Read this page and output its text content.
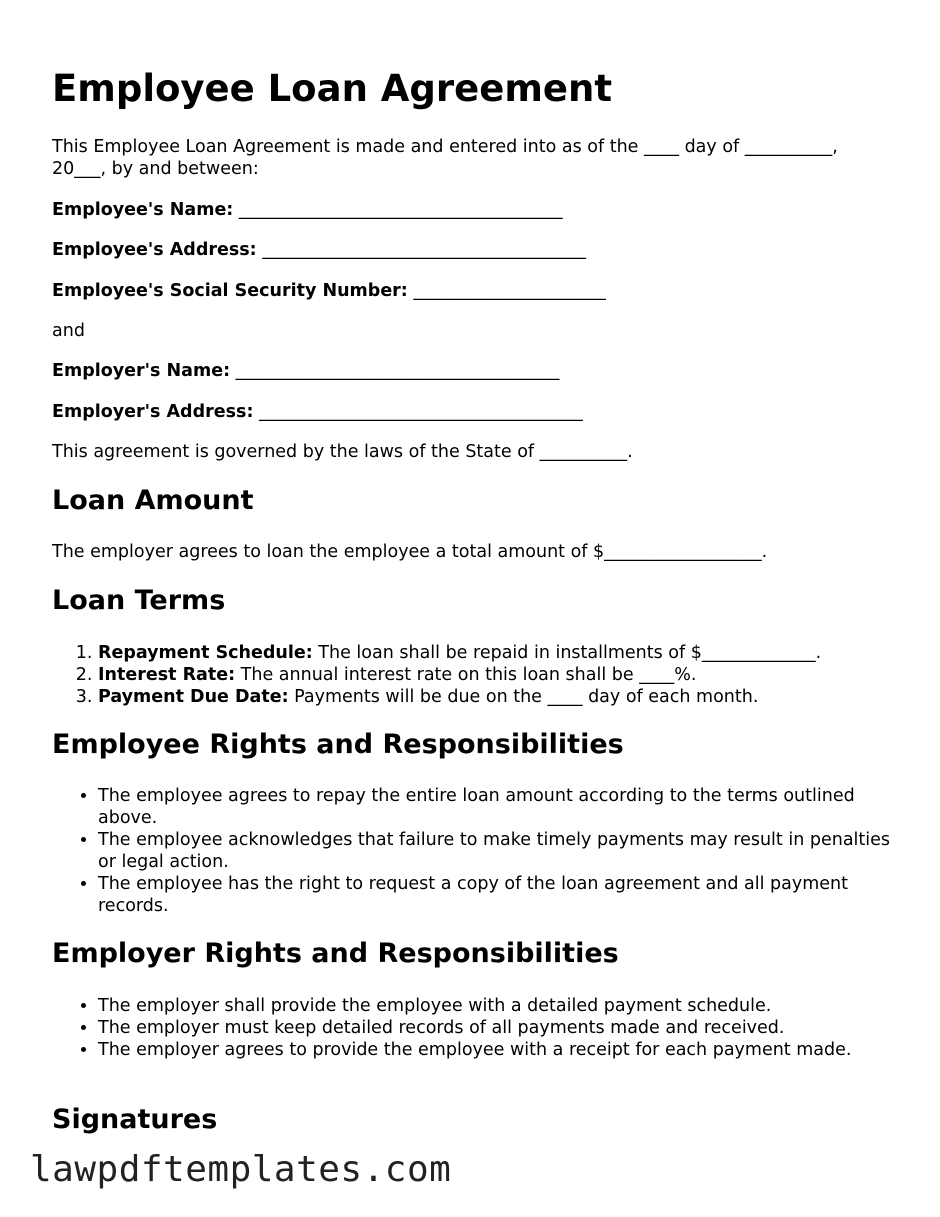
Employee Loan Agreement

This Employee Loan Agreement is made and entered into as of the ____ day of __________, 20___, by and between:

Employee's Name: _____________________________________

Employee's Address: _____________________________________

Employee's Social Security Number: ______________________

and

Employer's Name: _____________________________________

Employer's Address: _____________________________________

This agreement is governed by the laws of the State of __________.

Loan Amount

The employer agrees to loan the employee a total amount of $__________________.

Loan Terms
1. Repayment Schedule: The loan shall be repaid in installments of $_____________.
2. Interest Rate: The annual interest rate on this loan shall be ____%.
3. Payment Due Date: Payments will be due on the ____ day of each month.
Employee Rights and Responsibilities
• The employee agrees to repay the entire loan amount according to the terms outlined above.
• The employee acknowledges that failure to make timely payments may result in penalties or legal action.
• The employee has the right to request a copy of the loan agreement and all payment records.
Employer Rights and Responsibilities
• The employer shall provide the employee with a detailed payment schedule.
• The employer must keep detailed records of all payments made and received.
• The employer agrees to provide the employee with a receipt for each payment made.
Signatures
lawpdftemplates.com
